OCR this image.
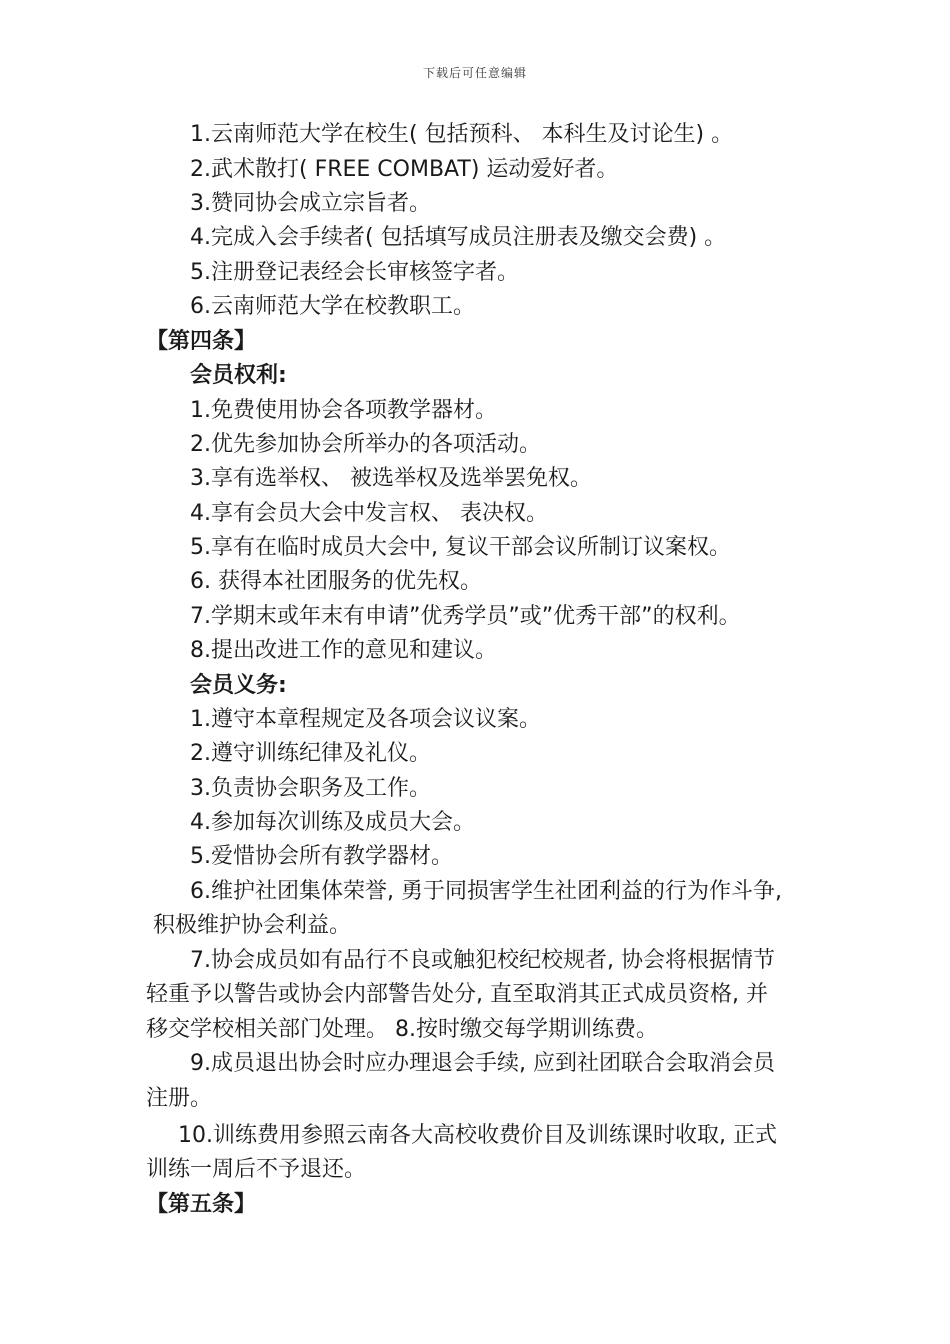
下载后可任意编辑
1.云南师范大学在校生( 包括预科、 本科生及讨论生) 。
2.武术散打( FREE COMBAT) 运动爱好者。
3.赞同协会成立宗旨者。
4.完成入会手续者( 包括填写成员注册表及缴交会费) 。
5.注册登记表经会长审核签字者。
6.云南师范大学在校教职工。
【第四条】
会员权利:
1.免费使用协会各项教学器材。
2.优先参加协会所举办的各项活动。
3.享有选举权、 被选举权及选举罢免权。
4.享有会员大会中发言权、 表决权。
5.享有在临时成员大会中, 复议干部会议所制订议案权。
6. 获得本社团服务的优先权。
7.学期末或年末有申请”优秀学员”或”优秀干部”的权利。
8.提出改进工作的意见和建议。
会员义务:
1.遵守本章程规定及各项会议议案。
2.遵守训练纪律及礼仪。
3.负责协会职务及工作。
4.参加每次训练及成员大会。
5.爱惜协会所有教学器材。
6.维护社团集体荣誉, 勇于同损害学生社团利益的行为作斗争,
积极维护协会利益。
7.协会成员如有品行不良或触犯校纪校规者, 协会将根据情节
轻重予以警告或协会内部警告处分, 直至取消其正式成员资格, 并
移交学校相关部门处理。 8.按时缴交每学期训练费。
9.成员退出协会时应办理退会手续, 应到社团联合会取消会员
注册。
10.训练费用参照云南各大高校收费价目及训练课时收取, 正式
训练一周后不予退还。
【第五条】
